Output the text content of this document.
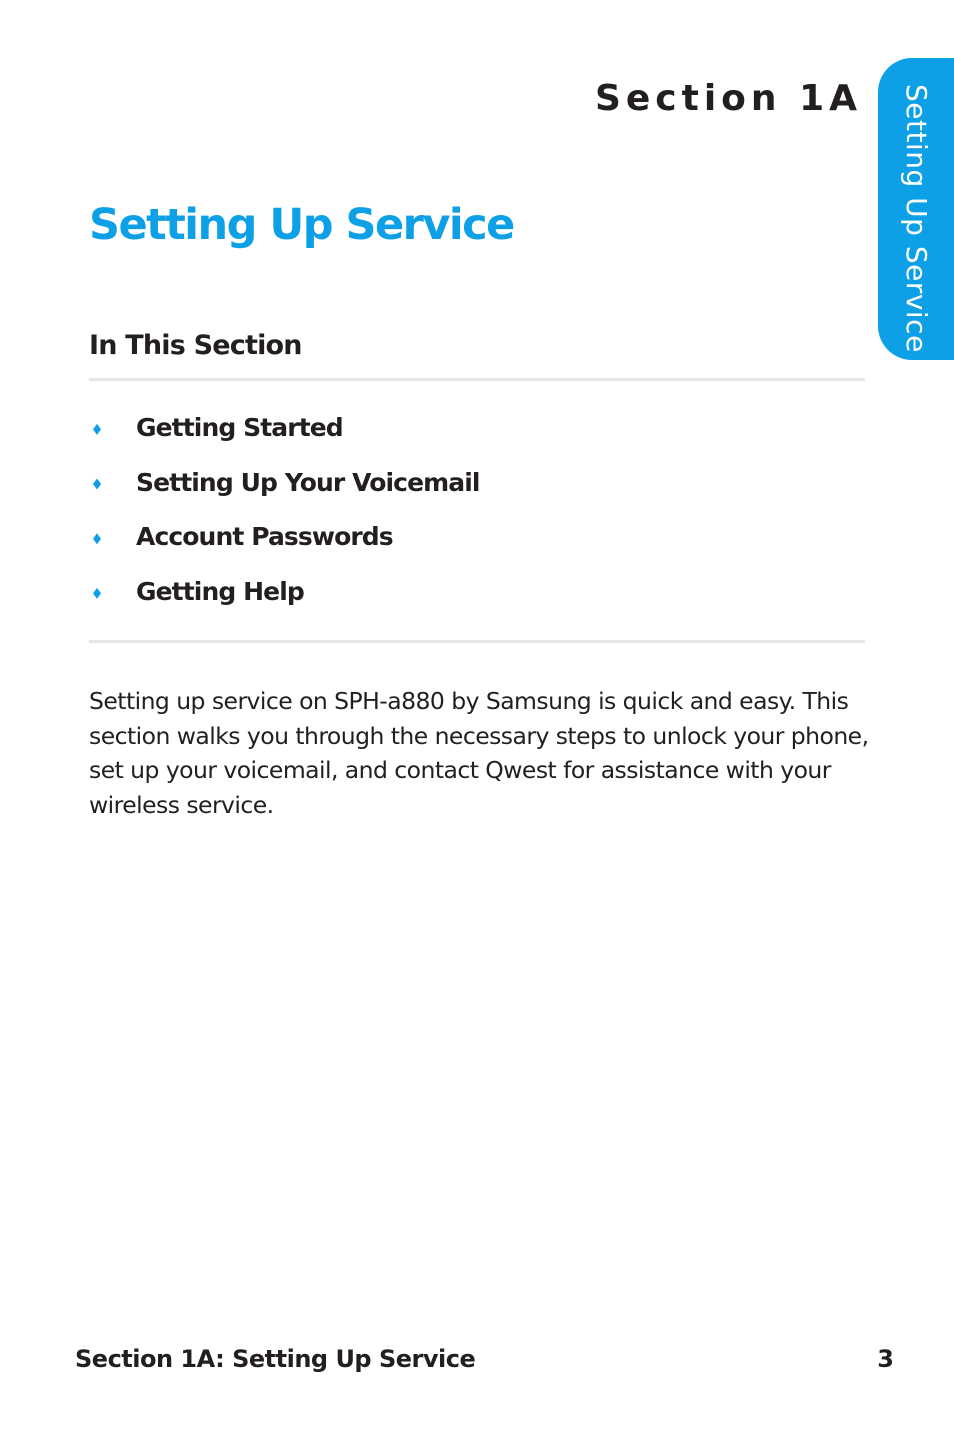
Section 1A Setting Up Service
Setting Up Service
In This Section
Getting Started
Setting Up Your Voicemail
Account Passwords
Getting Help

Setting up service on SPH-a880 by Samsung is quick and easy. This section walks you through the necessary steps to unlock your phone, set up your voicemail, and contact Qwest for assistance with your wireless service.

Section 1A: Setting Up Service	3
